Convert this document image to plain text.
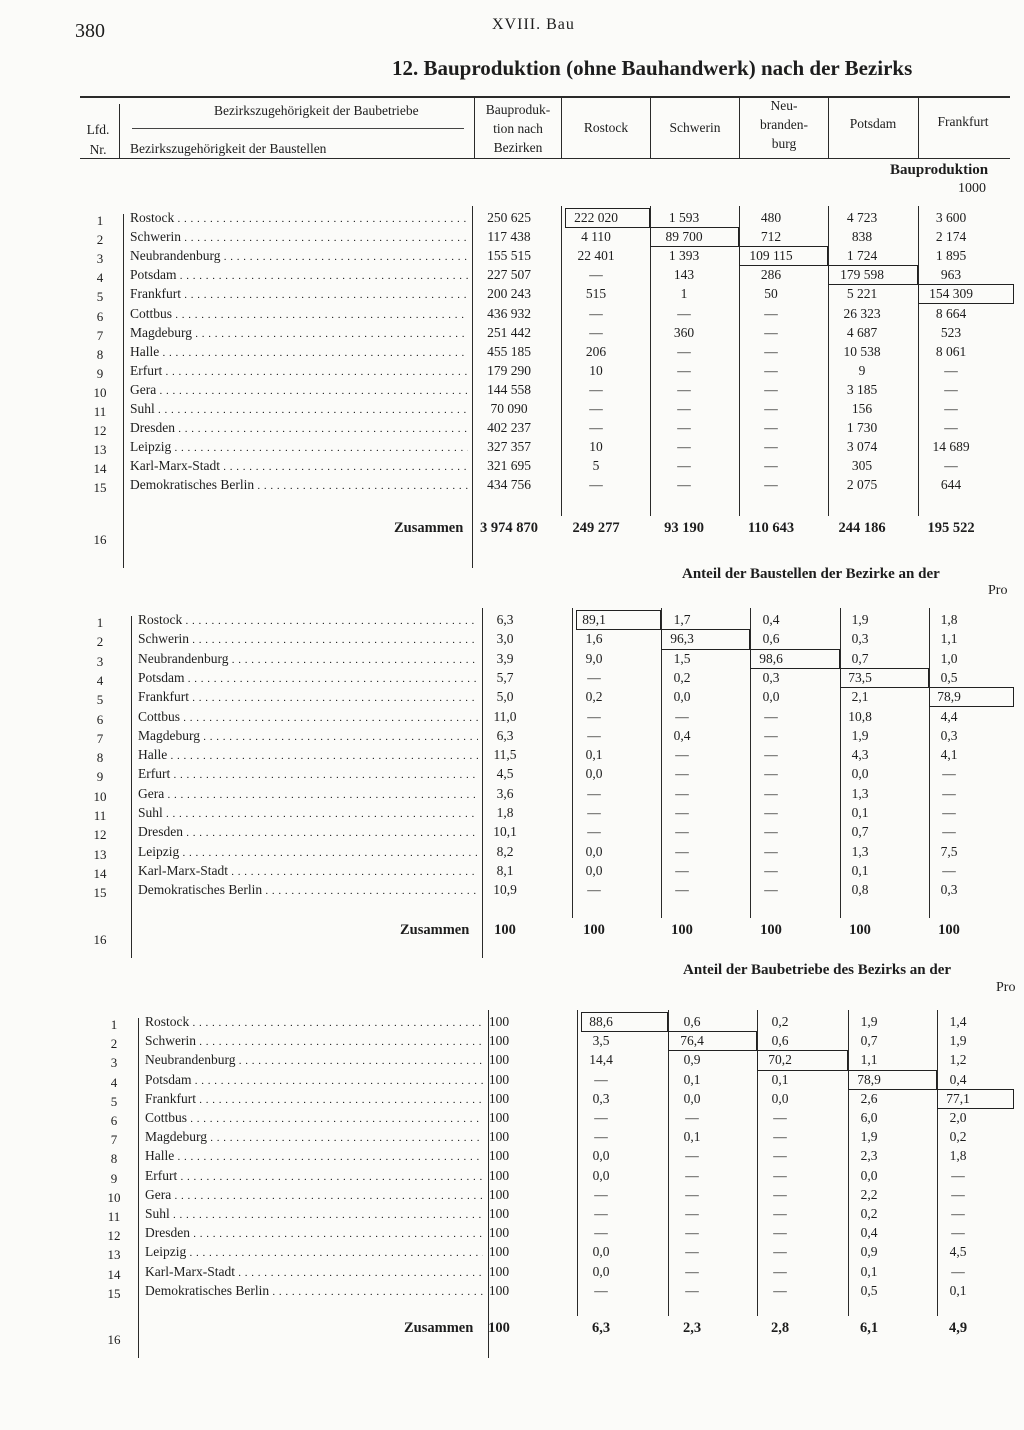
380	XVIII. Bau
12. Bauproduktion (ohne Bauhandwerk) nach der Bezirks
Lfd.
Nr.
Bezirkszugehörigkeit der Baubetriebe
Bezirkszugehörigkeit der Baustellen
Bauproduk-
tion nach
Bezirken
Rostock	Schwerin
Neu-
branden-
burg
Potsdam	Frankfurt
Bauproduktion
1000
1	Rostock . . .	250 625	222 020	1 593	480	4 723	3 600
2	Schwerin . . .	117 438	4 110	89 700	712	838	2 174
3	Neubrandenburg . . .	155 515	22 401	1 393	109 115	1 724	1 895
4	Potsdam . . .	227 507	—	143	286	179 598	963
5	Frankfurt . . .	200 243	515	1	50	5 221	154 309
6	Cottbus . . .	436 932	—	—	—	26 323	8 664
7	Magdeburg . . .	251 442	—	360	—	4 687	523
8	Halle . . .	455 185	206	—	—	10 538	8 061
9	Erfurt . . .	179 290	10	—	—	9	—
10	Gera . . .	144 558	—	—	—	3 185	—
11	Suhl . . .	70 090	—	—	—	156	—
12	Dresden . . .	402 237	—	—	—	1 730	—
13	Leipzig . . .	327 357	10	—	—	3 074	14 689
14	Karl-Marx-Stadt . . .	321 695	5	—	—	305	—
15	Demokratisches Berlin . . .	434 756	—	—	—	2 075	644
Zusammen	3 974 870	249 277	93 190	110 643	244 186	195 522
16
Anteil der Baustellen der Bezirke an der
Pro
1	Rostock . . .	6,3	89,1	1,7	0,4	1,9	1,8
2	Schwerin . . .	3,0	1,6	96,3	0,6	0,3	1,1
3	Neubrandenburg . . .	3,9	9,0	1,5	98,6	0,7	1,0
4	Potsdam . . .	5,7	—	0,2	0,3	73,5	0,5
5	Frankfurt . . .	5,0	0,2	0,0	0,0	2,1	78,9
6	Cottbus . . .	11,0	—	—	—	10,8	4,4
7	Magdeburg . . .	6,3	—	0,4	—	1,9	0,3
8	Halle . . .	11,5	0,1	—	—	4,3	4,1
9	Erfurt . . .	4,5	0,0	—	—	0,0	—
10	Gera . . .	3,6	—	—	—	1,3	—
11	Suhl . . .	1,8	—	—	—	0,1	—
12	Dresden . . .	10,1	—	—	—	0,7	—
13	Leipzig . . .	8,2	0,0	—	—	1,3	7,5
14	Karl-Marx-Stadt . . .	8,1	0,0	—	—	0,1	—
15	Demokratisches Berlin . . .	10,9	—	—	—	0,8	0,3
Zusammen	100	100	100	100	100	100
16
Anteil der Baubetriebe des Bezirks an der
Pro
1	Rostock . . .	100	88,6	0,6	0,2	1,9	1,4
2	Schwerin . . .	100	3,5	76,4	0,6	0,7	1,9
3	Neubrandenburg . . .	100	14,4	0,9	70,2	1,1	1,2
4	Potsdam . . .	100	—	0,1	0,1	78,9	0,4
5	Frankfurt . . .	100	0,3	0,0	0,0	2,6	77,1
6	Cottbus . . .	100	—	—	—	6,0	2,0
7	Magdeburg . . .	100	—	0,1	—	1,9	0,2
8	Halle . . .	100	0,0	—	—	2,3	1,8
9	Erfurt . . .	100	0,0	—	—	0,0	—
10	Gera . . .	100	—	—	—	2,2	—
11	Suhl . . .	100	—	—	—	0,2	—
12	Dresden . . .	100	—	—	—	0,4	—
13	Leipzig . . .	100	0,0	—	—	0,9	4,5
14	Karl-Marx-Stadt . . .	100	0,0	—	—	0,1	—
15	Demokratisches Berlin . . .	100	—	—	—	0,5	0,1
Zusammen	100	6,3	2,3	2,8	6,1	4,9
16
